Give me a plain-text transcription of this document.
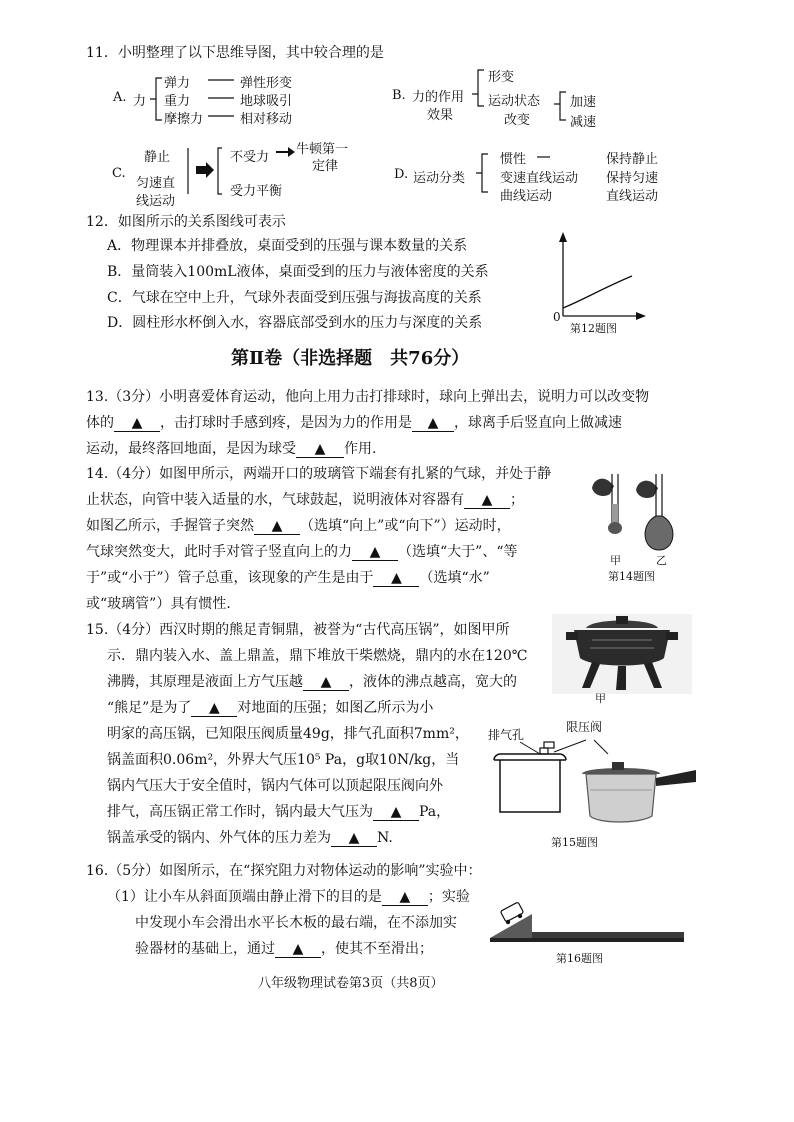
11．小明整理了以下思维导图，其中较合理的是
A. 力
弹力
重力
摩擦力
弹性形变
地球吸引
相对移动
B. 力的作用
效果
形变
运动状态
改变
加速
减速
C.
静止
匀速直
线运动
不受力
牛顿第一
定律
受力平衡
D. 运动分类
惯性
变速直线运动
曲线运动
保持静止
保持匀速
直线运动
12．如图所示的关系图线可表示
A．物理课本并排叠放，桌面受到的压强与课本数量的关系
B．量筒装入100mL液体，桌面受到的压力与液体密度的关系
C．气球在空中上升，气球外表面受到压强与海拔高度的关系
D．圆柱形水杯倒入水，容器底部受到水的压力与深度的关系	0
第12题图
第Ⅱ卷（非选择题　共76分）
13.（3分）小明喜爱体育运动，他向上用力击打排球时，球向上弹出去，说明力可以改变物
体的 ▲ ，击打球时手感到疼，是因为力的作用是 ▲ ，球离手后竖直向上做减速
运动，最终落回地面，是因为球受 ▲ 作用.
14.（4分）如图甲所示，两端开口的玻璃管下端套有扎紧的气球，并处于静
止状态，向管中装入适量的水，气球鼓起，说明液体对容器有 ▲ ；
如图乙所示，手握管子突然 ▲ （选填“向上”或“向下”）运动时，
气球突然变大，此时手对管子竖直向上的力 ▲ （选填“大于”、“等
于”或“小于”）管子总重，该现象的产生是由于 ▲ （选填“水”
或“玻璃管”）具有惯性.
甲	乙
第14题图
15.（4分）西汉时期的熊足青铜鼎，被誉为“古代高压锅”，如图甲所
示．鼎内装入水、盖上鼎盖，鼎下堆放干柴燃烧，鼎内的水在120℃
沸腾，其原理是液面上方气压越 ▲ ，液体的沸点越高，宽大的
“熊足”是为了 ▲ 对地面的压强；如图乙所示为小
明家的高压锅，已知限压阀质量49g，排气孔面积7mm²，
锅盖面积0.06m²，外界大气压10⁵ Pa，g取10N/kg，当
锅内气压大于安全值时，锅内气体可以顶起限压阀向外
排气，高压锅正常工作时，锅内最大气压为 ▲ Pa，
锅盖承受的锅内、外气体的压力差为 ▲ N.
甲
排气孔
限压阀
第15题图
16.（5分）如图所示，在“探究阻力对物体运动的影响”实验中：
（1）让小车从斜面顶端由静止滑下的目的是 ▲ ；实验
中发现小车会滑出水平长木板的最右端，在不添加实
验器材的基础上，通过 ▲ ，使其不至滑出；
第16题图
八年级物理试卷第3页（共8页）
